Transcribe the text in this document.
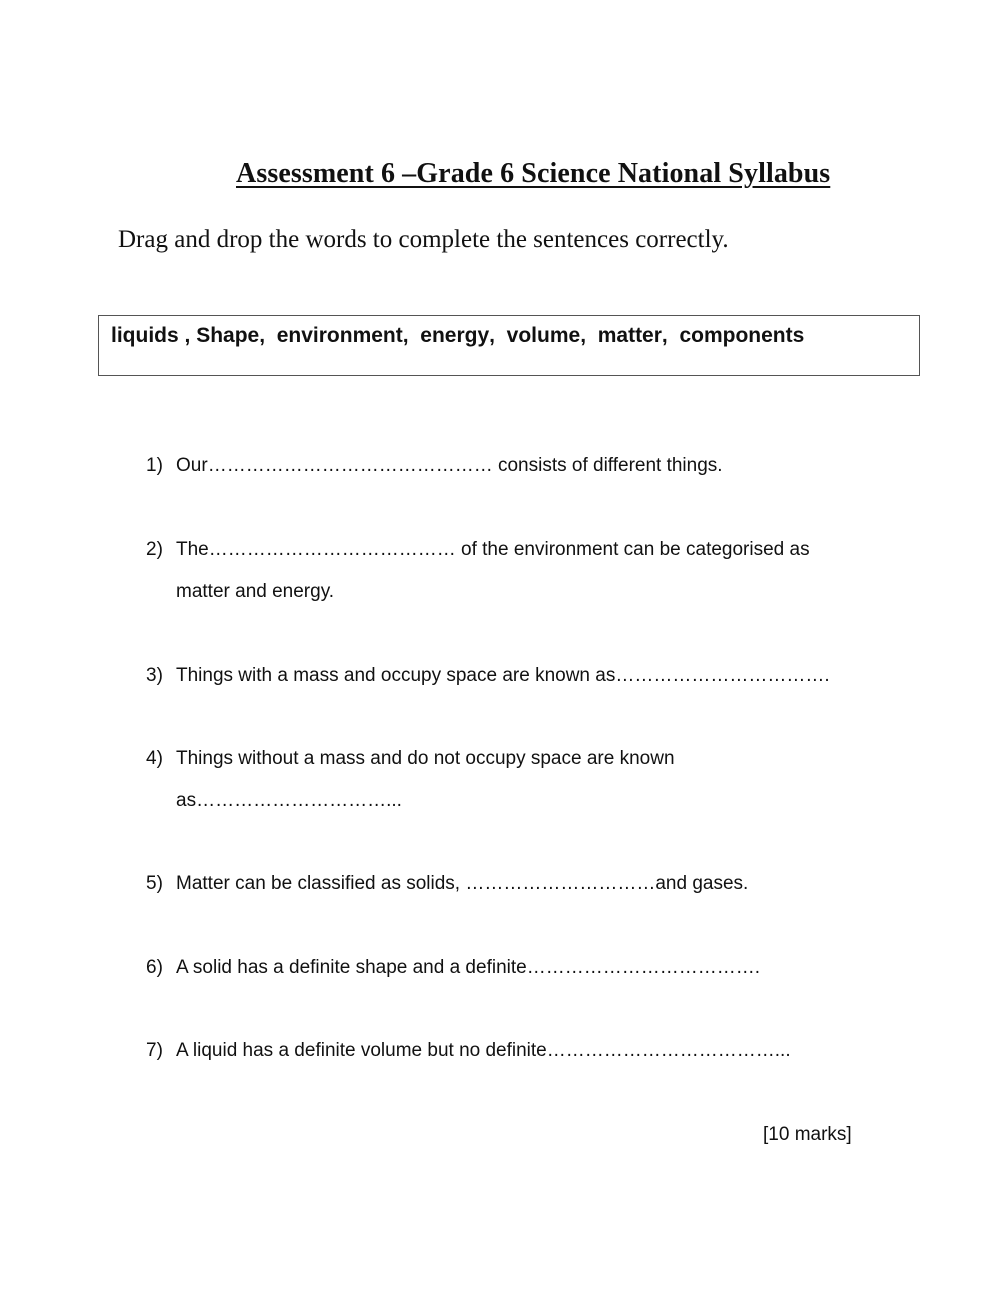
Assessment 6 –Grade 6 Science National Syllabus
Drag and drop the words to complete the sentences correctly.
liquids , Shape , environment , energy , volume , matter , components
1) Our……………………………………… consists of different things.
2) The………………………………… of the environment can be categorised as
matter and energy.
3) Things with a mass and occupy space are known as…………………………….
4) Things without a mass and do not occupy space are known
as…………………………...
5) Matter can be classified as solids, …………………………and gases.
6) A solid has a definite shape and a definite……………………………….
7) A liquid has a definite volume but no definite………………………………...
[10 marks]
